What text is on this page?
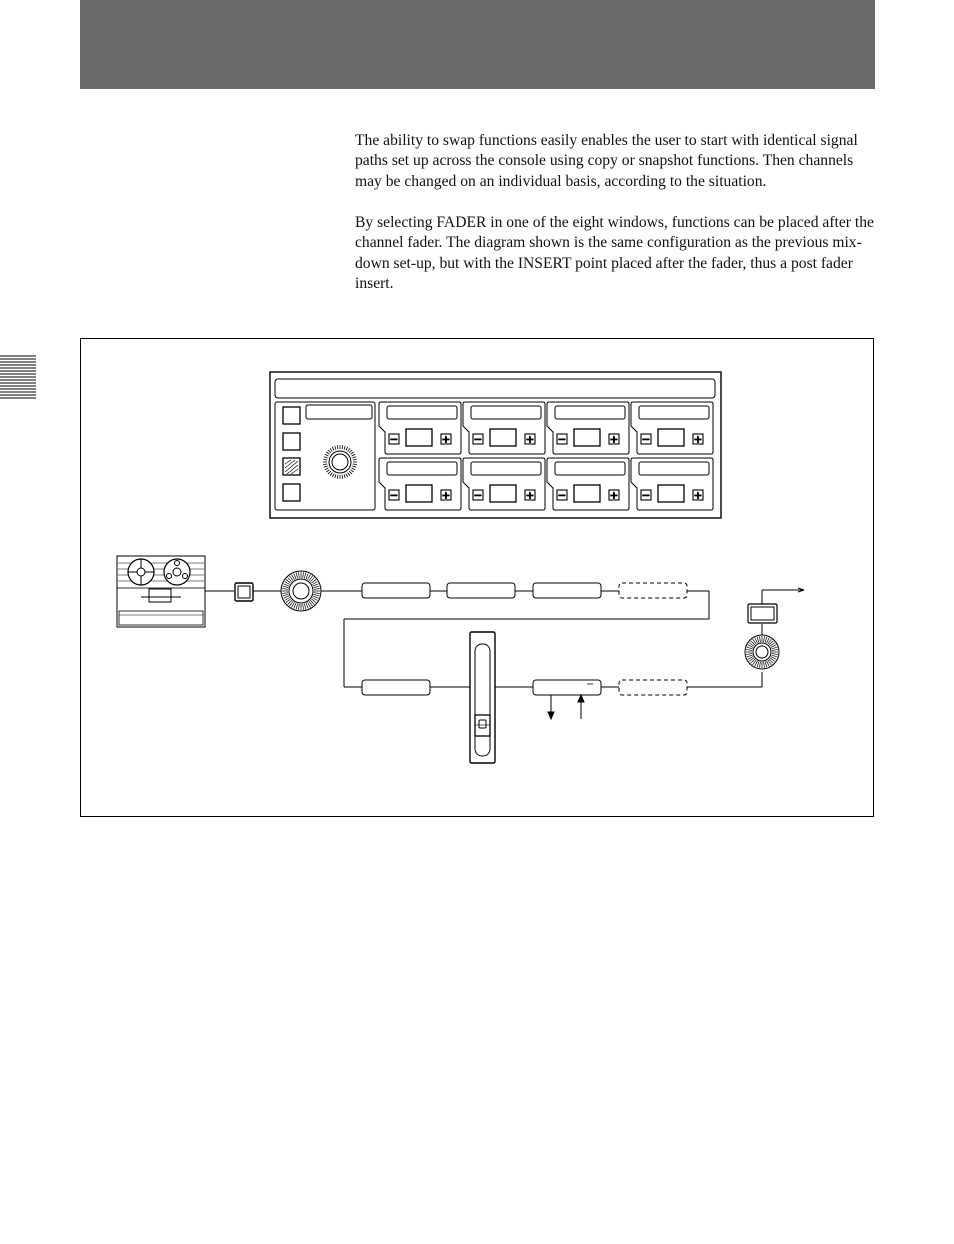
The ability to swap functions easily enables the user to start with identical signal paths set up across the console using copy or snapshot functions. Then channels may be changed on an individual basis, according to the situation.

By selecting FADER in one of the eight windows, functions can be placed after the channel fader. The diagram shown is the same configuration as the previous mix-down set-up, but with the INSERT point placed after the fader, thus a post fader insert.

−	+ −	+ −	+ −	+
−	+ −	+ −	+ −	+
